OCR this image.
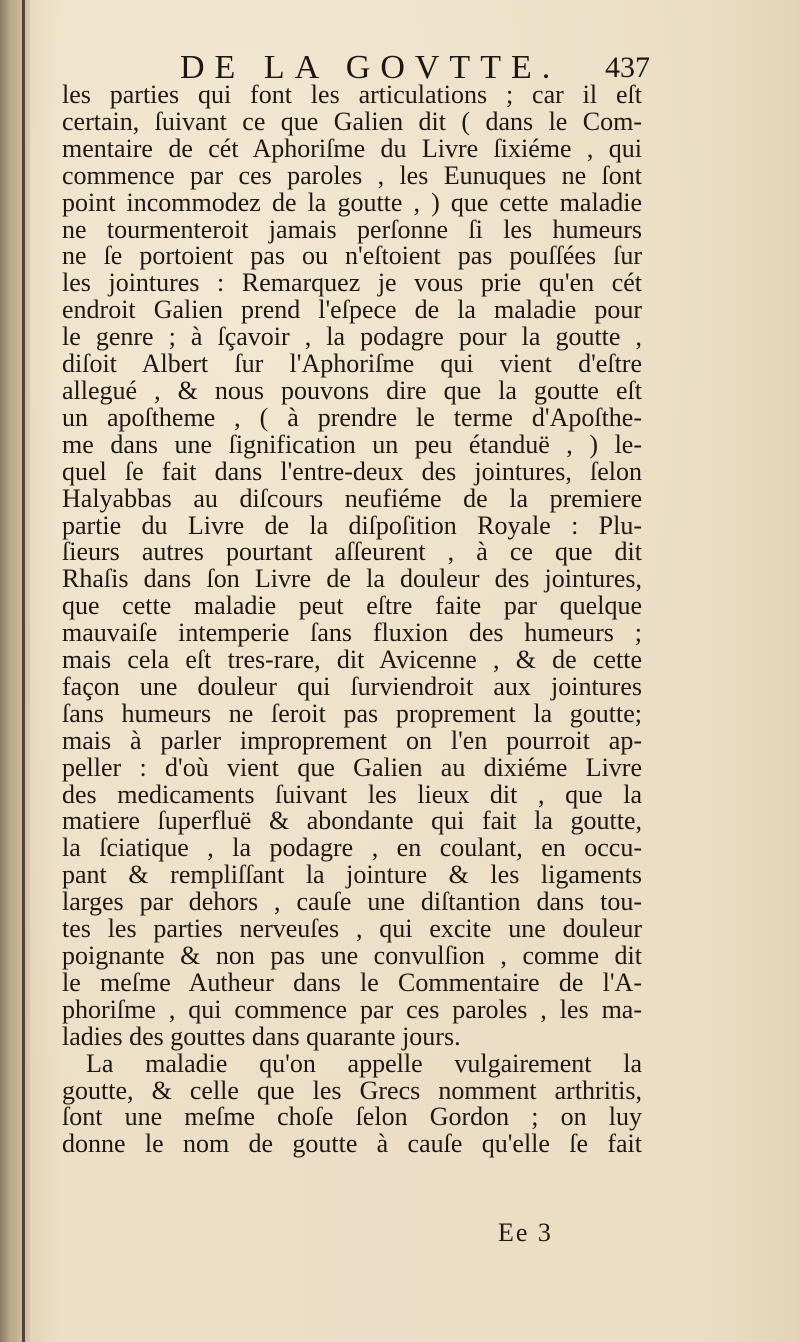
DE LA GOVTTE. 437
les parties qui font les articulations ; car il eſt
certain, ſuivant ce que Galien dit ( dans le Com-
mentaire de cét Aphoriſme du Livre ſixiéme , qui
commence par ces paroles , les Eunuques ne ſont
point incommodez de la goutte , ) que cette maladie
ne tourmenteroit jamais perſonne ſi les humeurs
ne ſe portoient pas ou n'eſtoient pas pouſſées ſur
les jointures : Remarquez je vous prie qu'en cét
endroit Galien prend l'eſpece de la maladie pour
le genre ; à ſçavoir , la podagre pour la goutte ,
diſoit Albert ſur l'Aphoriſme qui vient d'eſtre
allegué , & nous pouvons dire que la goutte eſt
un apoſtheme , ( à prendre le terme d'Apoſthe-
me dans une ſignification un peu étanduë , ) le-
quel ſe fait dans l'entre-deux des jointures, ſelon
Halyabbas au diſcours neufiéme de la premiere
partie du Livre de la diſpoſition Royale : Plu-
ſieurs autres pourtant aſſeurent , à ce que dit
Rhaſis dans ſon Livre de la douleur des jointures,
que cette maladie peut eſtre faite par quelque
mauvaiſe intemperie ſans fluxion des humeurs ;
mais cela eſt tres-rare, dit Avicenne , & de cette
façon une douleur qui ſurviendroit aux jointures
ſans humeurs ne ſeroit pas proprement la goutte;
mais à parler improprement on l'en pourroit ap-
peller : d'où vient que Galien au dixiéme Livre
des medicaments ſuivant les lieux dit , que la
matiere ſuperfluë & abondante qui fait la goutte,
la ſciatique , la podagre , en coulant, en occu-
pant & rempliſſant la jointure & les ligaments
larges par dehors , cauſe une diſtantion dans tou-
tes les parties nerveuſes , qui excite une douleur
poignante & non pas une convulſion , comme dit
le meſme Autheur dans le Commentaire de l'A-
phoriſme , qui commence par ces paroles , les ma-
ladies des gouttes dans quarante jours.
La maladie qu'on appelle vulgairement la
goutte, & celle que les Grecs nomment arthritis,
ſont une meſme choſe ſelon Gordon ; on luy
donne le nom de goutte à cauſe qu'elle ſe fait
Ee 3
